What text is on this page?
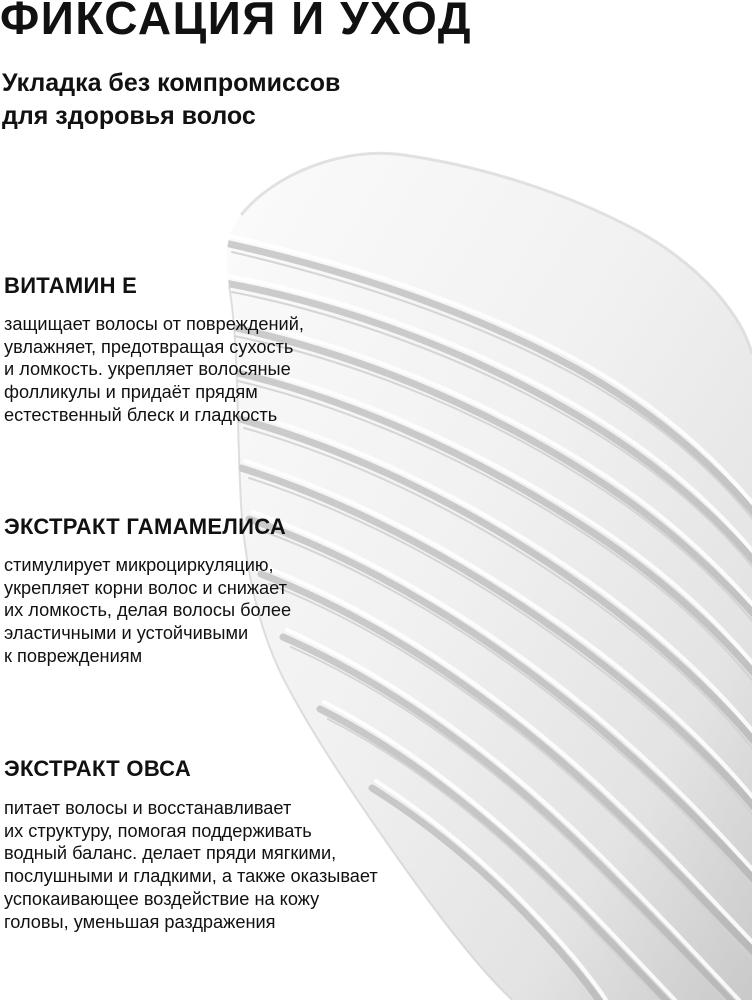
ФИКСАЦИЯ И УХОД

Укладка без компромиссов
для здоровья волос

ВИТАМИН Е

защищает волосы от повреждений,
увлажняет, предотвращая сухость
и ломкость. укрепляет волосяные
фолликулы и придаёт прядям
естественный блеск и гладкость

ЭКСТРАКТ ГАМАМЕЛИСА

стимулирует микроциркуляцию,
укрепляет корни волос и снижает
их ломкость, делая волосы более
эластичными и устойчивыми
к повреждениям

ЭКСТРАКТ ОВСА

питает волосы и восстанавливает
их структуру, помогая поддерживать
водный баланс. делает пряди мягкими,
послушными и гладкими, а также оказывает
успокаивающее воздействие на кожу
головы, уменьшая раздражения
